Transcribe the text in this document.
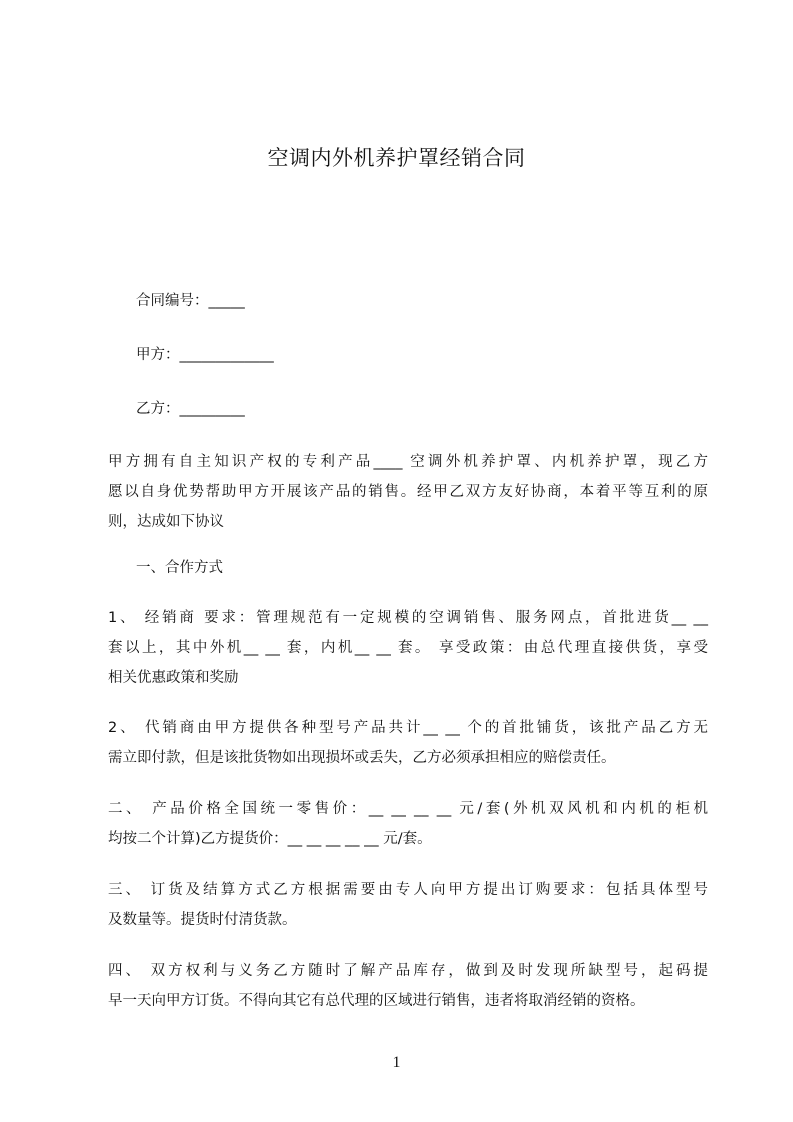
空调内外机养护罩经销合同
合同编号：_____
甲方：_____________
乙方：_________
甲方拥有自主知识产权的专利产品____ 空调外机养护罩、内机养护罩，现乙方
愿以自身优势帮助甲方开展该产品的销售。经甲乙双方友好协商，本着平等互利的原
则，达成如下协议
一、合作方式
1、 经销商 要求：管理规范有一定规模的空调销售、服务网点，首批进货__ __
套以上，其中外机__ __ 套，内机__ __ 套。 享受政策：由总代理直接供货，享受
相关优惠政策和奖励
2、 代销商由甲方提供各种型号产品共计__ __ 个的首批铺货，该批产品乙方无
需立即付款，但是该批货物如出现损坏或丢失，乙方必须承担相应的赔偿责任。
二、 产品价格全国统一零售价：__ __ __ __ 元/套(外机双风机和内机的柜机
均按二个计算)乙方提货价：__ __ __ __ __ 元/套。
三、 订货及结算方式乙方根据需要由专人向甲方提出订购要求：包括具体型号
及数量等。提货时付清货款。
四、 双方权利与义务乙方随时了解产品库存，做到及时发现所缺型号，起码提
早一天向甲方订货。不得向其它有总代理的区域进行销售，违者将取消经销的资格。
1
